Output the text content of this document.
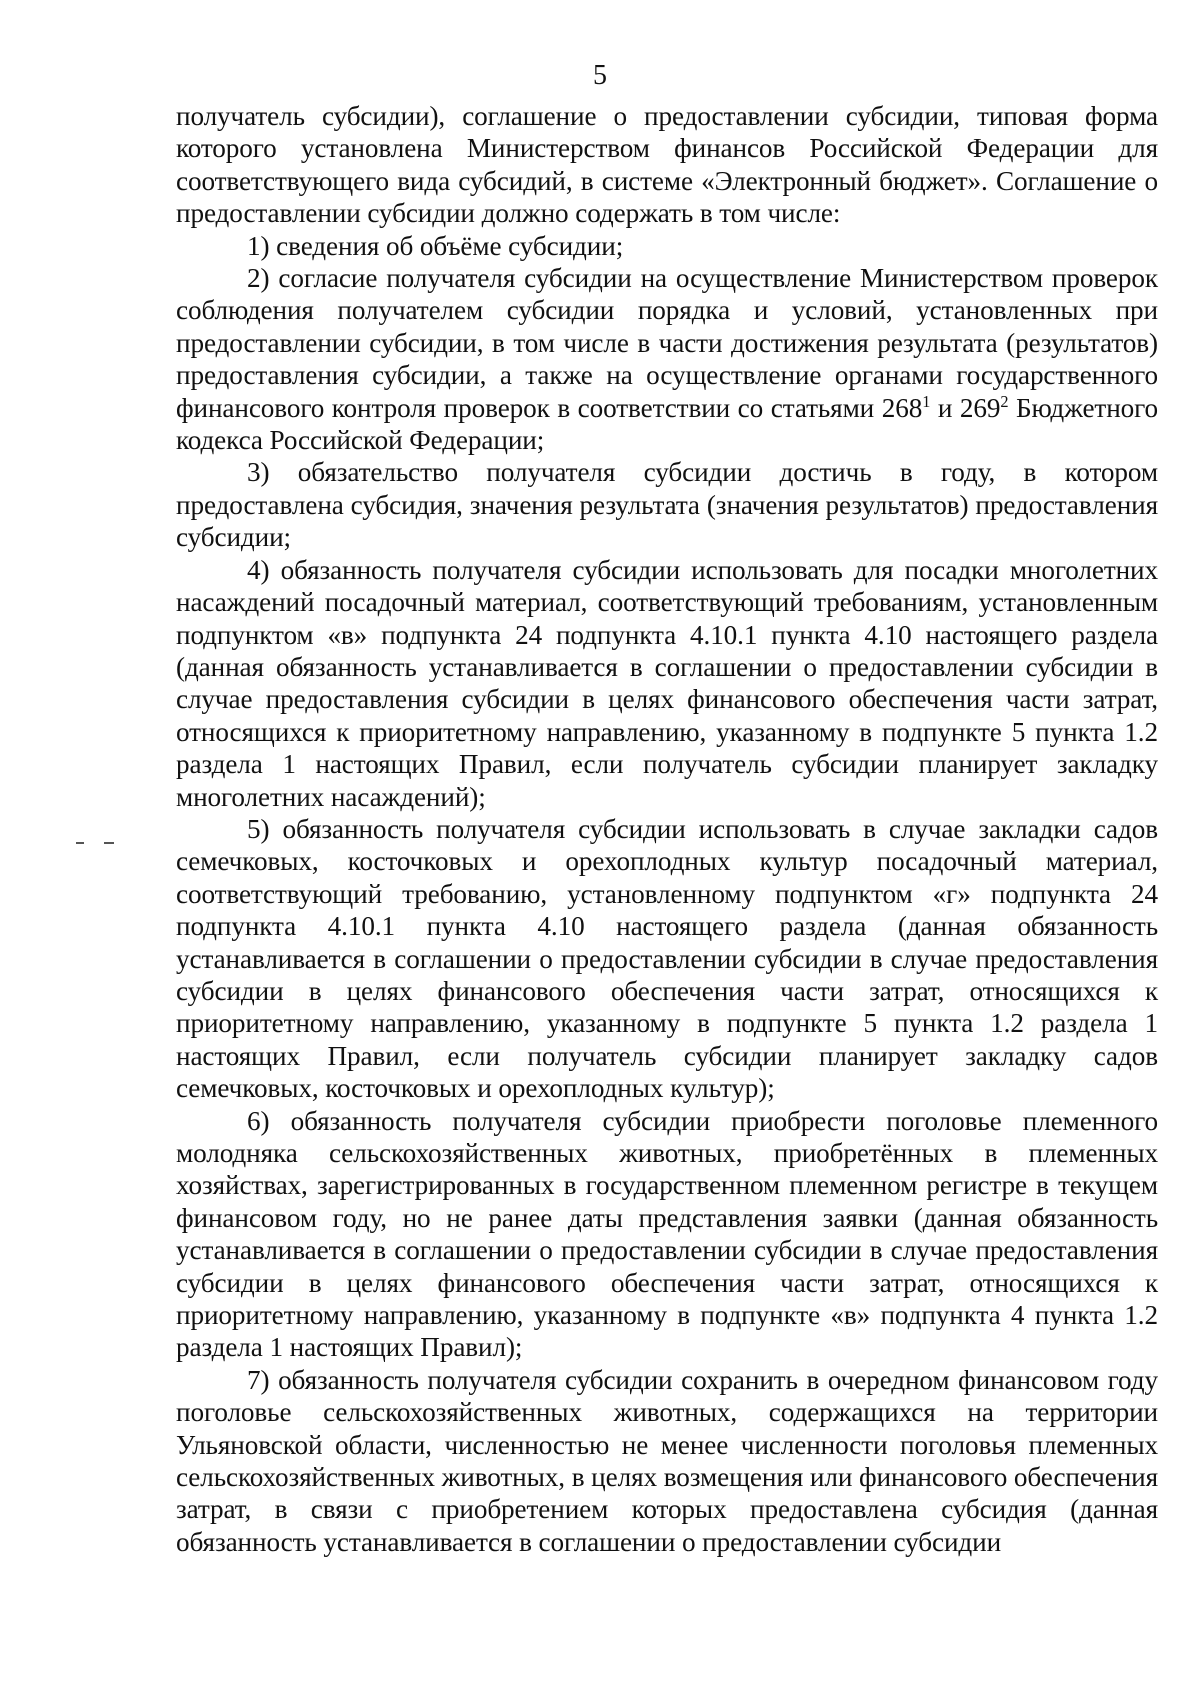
5

получатель субсидии), соглашение о предоставлении субсидии, типовая форма которого установлена Министерством финансов Российской Федерации для соответствующего вида субсидий, в системе «Электронный бюджет». Соглашение о предоставлении субсидии должно содержать в том числе:

1) сведения об объёме субсидии;

2) согласие получателя субсидии на осуществление Министерством проверок соблюдения получателем субсидии порядка и условий, установленных при предоставлении субсидии, в том числе в части достижения результата (результатов) предоставления субсидии, а также на осуществление органами государственного финансового контроля проверок в соответствии со статьями $268^1$ и $269^2$ Бюджетного кодекса Российской Федерации;

3) обязательство получателя субсидии достичь в году, в котором предоставлена субсидия, значения результата (значения результатов) предоставления субсидии;

4) обязанность получателя субсидии использовать для посадки многолетних насаждений посадочный материал, соответствующий требованиям, установленным подпунктом «в» подпункта 24 подпункта 4.10.1 пункта 4.10 настоящего раздела (данная обязанность устанавливается в соглашении о предоставлении субсидии в случае предоставления субсидии в целях финансового обеспечения части затрат, относящихся к приоритетному направлению, указанному в подпункте 5 пункта 1.2 раздела 1 настоящих Правил, если получатель субсидии планирует закладку многолетних насаждений);

5) обязанность получателя субсидии использовать в случае закладки садов семечковых, косточковых и орехоплодных культур посадочный материал, соответствующий требованию, установленному подпунктом «г» подпункта 24 подпункта 4.10.1 пункта 4.10 настоящего раздела (данная обязанность устанавливается в соглашении о предоставлении субсидии в случае предоставления субсидии в целях финансового обеспечения части затрат, относящихся к приоритетному направлению, указанному в подпункте 5 пункта 1.2 раздела 1 настоящих Правил, если получатель субсидии планирует закладку садов семечковых, косточковых и орехоплодных культур);

6) обязанность получателя субсидии приобрести поголовье племенного молодняка сельскохозяйственных животных, приобретённых в племенных хозяйствах, зарегистрированных в государственном племенном регистре в текущем финансовом году, но не ранее даты представления заявки (данная обязанность устанавливается в соглашении о предоставлении субсидии в случае предоставления субсидии в целях финансового обеспечения части затрат, относящихся к приоритетному направлению, указанному в подпункте «в» подпункта 4 пункта 1.2 раздела 1 настоящих Правил);

7) обязанность получателя субсидии сохранить в очередном финансовом году поголовье сельскохозяйственных животных, содержащихся на территории Ульяновской области, численностью не менее численности поголовья племенных сельскохозяйственных животных, в целях возмещения или финансового обеспечения затрат, в связи с приобретением которых предоставлена субсидия (данная обязанность устанавливается в соглашении о предоставлении субсидии
